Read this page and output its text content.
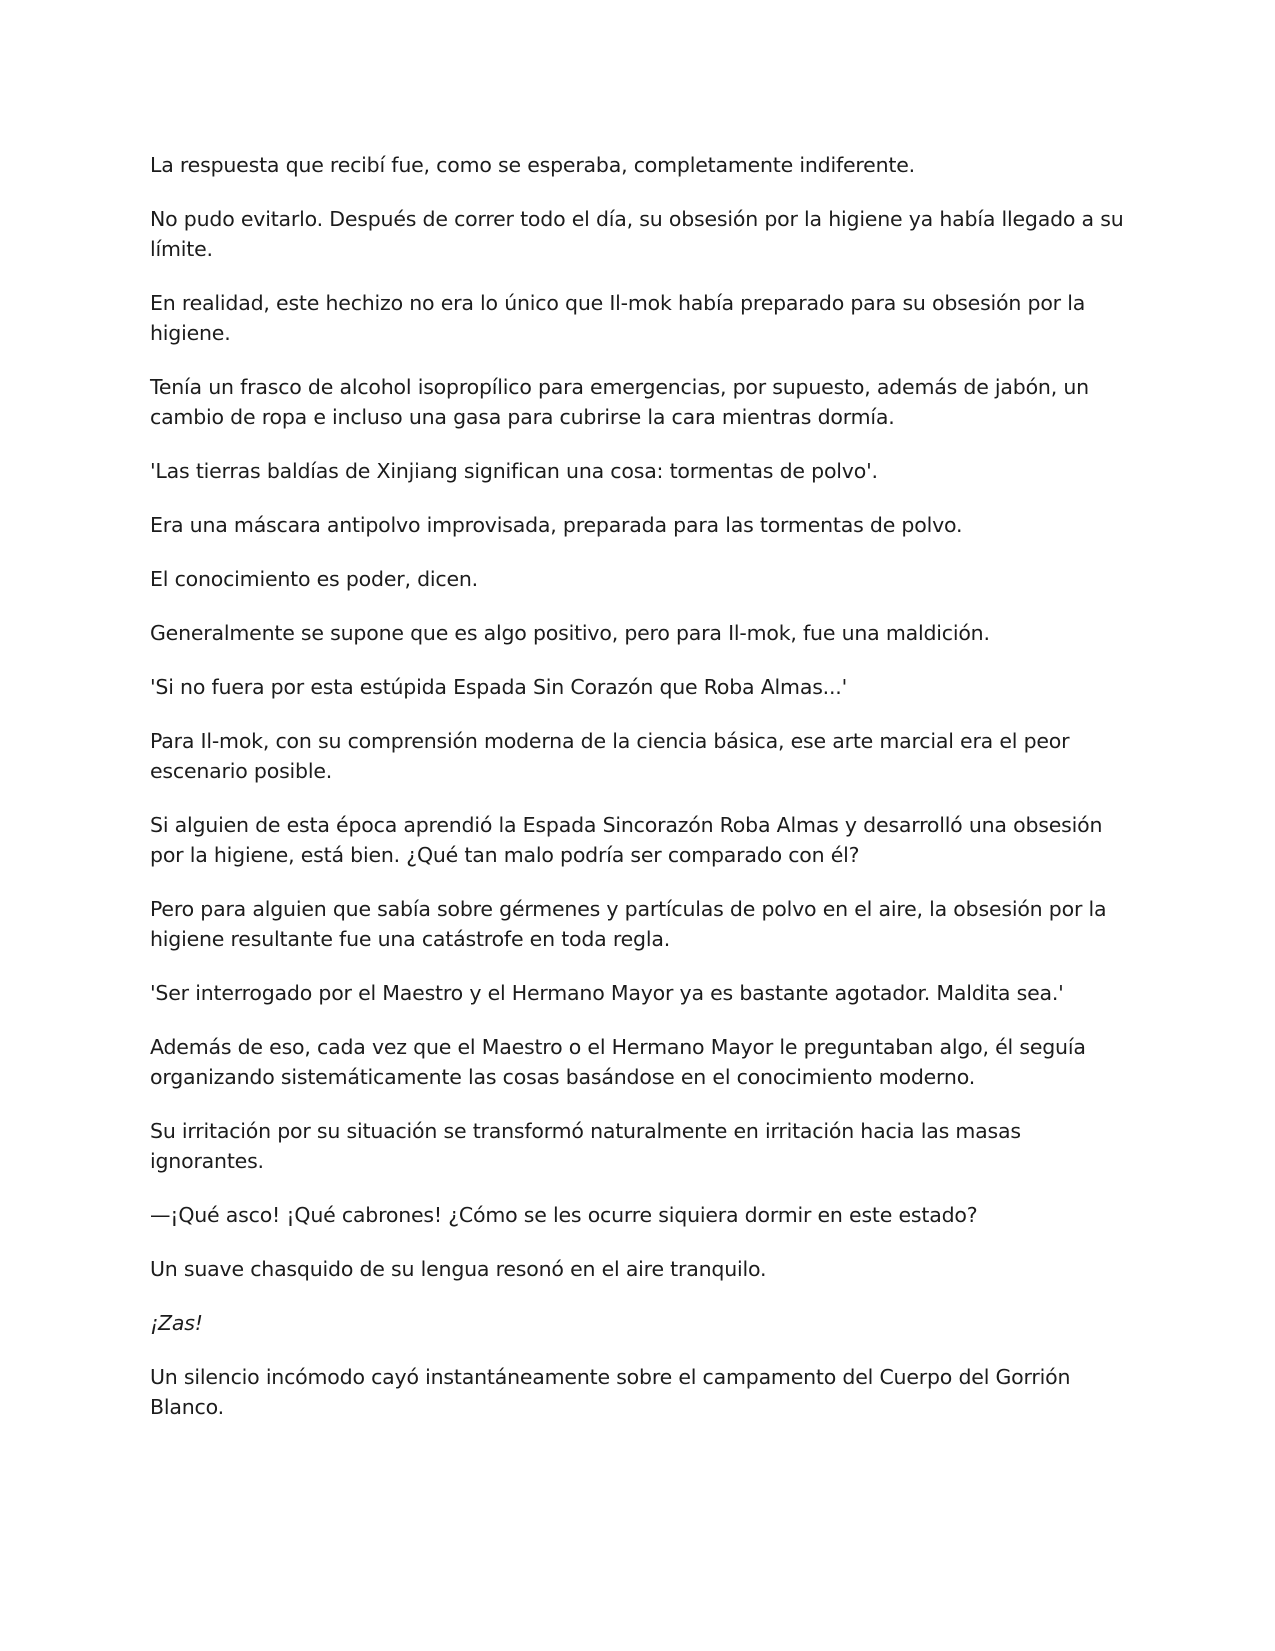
La respuesta que recibí fue, como se esperaba, completamente indiferente.

No pudo evitarlo. Después de correr todo el día, su obsesión por la higiene ya había llegado a su límite.

En realidad, este hechizo no era lo único que Il-mok había preparado para su obsesión por la higiene.

Tenía un frasco de alcohol isopropílico para emergencias, por supuesto, además de jabón, un cambio de ropa e incluso una gasa para cubrirse la cara mientras dormía.

'Las tierras baldías de Xinjiang significan una cosa: tormentas de polvo'.

Era una máscara antipolvo improvisada, preparada para las tormentas de polvo.

El conocimiento es poder, dicen.

Generalmente se supone que es algo positivo, pero para Il-mok, fue una maldición.

'Si no fuera por esta estúpida Espada Sin Corazón que Roba Almas...'

Para Il-mok, con su comprensión moderna de la ciencia básica, ese arte marcial era el peor escenario posible.

Si alguien de esta época aprendió la Espada Sincorazón Roba Almas y desarrolló una obsesión por la higiene, está bien. ¿Qué tan malo podría ser comparado con él?

Pero para alguien que sabía sobre gérmenes y partículas de polvo en el aire, la obsesión por la higiene resultante fue una catástrofe en toda regla.

'Ser interrogado por el Maestro y el Hermano Mayor ya es bastante agotador. Maldita sea.'

Además de eso, cada vez que el Maestro o el Hermano Mayor le preguntaban algo, él seguía organizando sistemáticamente las cosas basándose en el conocimiento moderno.

Su irritación por su situación se transformó naturalmente en irritación hacia las masas ignorantes.

—¡Qué asco! ¡Qué cabrones! ¿Cómo se les ocurre siquiera dormir en este estado?

Un suave chasquido de su lengua resonó en el aire tranquilo.

¡Zas!

Un silencio incómodo cayó instantáneamente sobre el campamento del Cuerpo del Gorrión Blanco.
